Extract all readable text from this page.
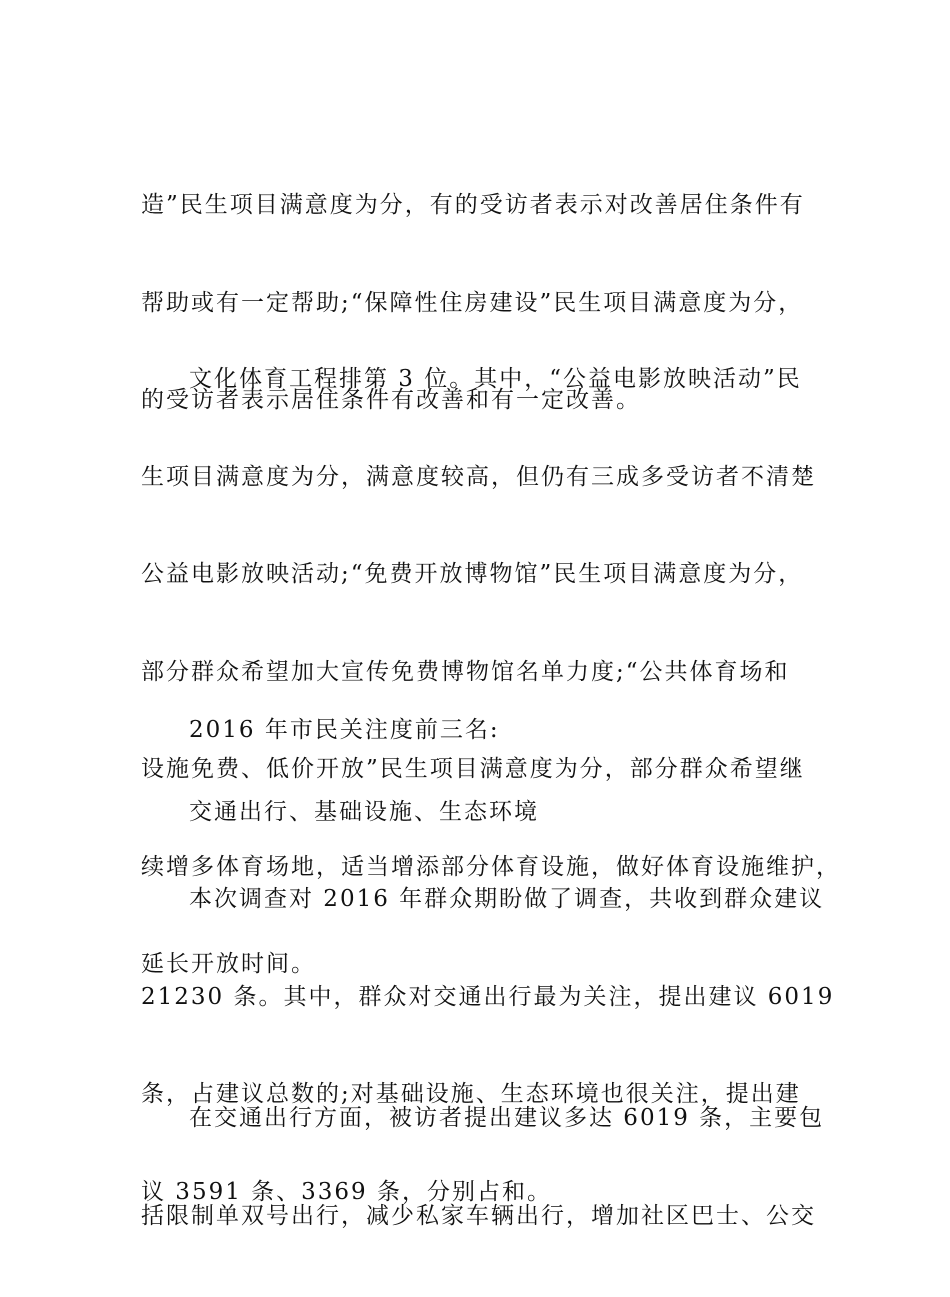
造”民生项目满意度为分，有的受访者表示对改善居住条件有

帮助或有一定帮助;“保障性住房建设”民生项目满意度为分，

的受访者表示居住条件有改善和有一定改善。

文化体育工程排第 3 位。其中，“公益电影放映活动”民

生项目满意度为分，满意度较高，但仍有三成多受访者不清楚

公益电影放映活动;“免费开放博物馆”民生项目满意度为分，

部分群众希望加大宣传免费博物馆名单力度;“公共体育场和

设施免费、低价开放”民生项目满意度为分，部分群众希望继

续增多体育场地，适当增添部分体育设施，做好体育设施维护，

延长开放时间。

2016 年市民关注度前三名:

交通出行、基础设施、生态环境

本次调查对 2016 年群众期盼做了调查，共收到群众建议

21230 条。其中，群众对交通出行最为关注，提出建议 6019

条，占建议总数的;对基础设施、生态环境也很关注，提出建

议 3591 条、3369 条，分别占和。

在交通出行方面，被访者提出建议多达 6019 条，主要包

括限制单双号出行，减少私家车辆出行，增加社区巴士、公交
